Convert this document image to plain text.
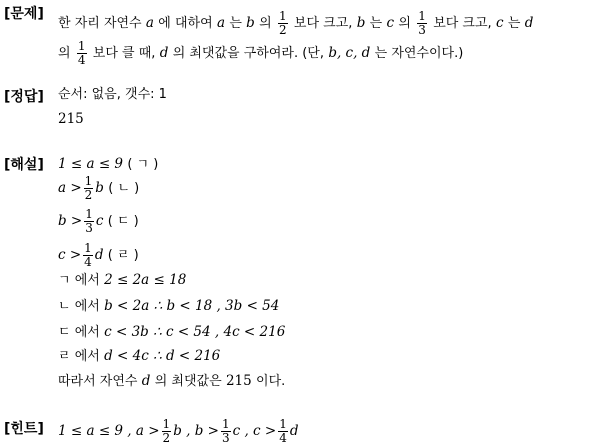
[문제]
한 자리 자연수 a 에 대하여 a 는 b 의 $\frac{1}{2}$ 보다 크고, b 는 c 의 $\frac{1}{3}$ 보다 크고, c 는 d
의 $\frac{1}{4}$ 보다 클 때, d 의 최댓값을 구하여라. (단, b, c, d 는 자연수이다.)
[정답] 순서: 없음, 갯수: 1
215
[해설] 1 ≤ a ≤ 9 ( ㄱ )
$a > \frac{1}{2}$ b ( ㄴ )
$b > \frac{1}{3}$ c ( ㄷ )
$c > \frac{1}{4}$ d ( ㄹ )
ㄱ 에서 2 ≤ 2a ≤ 18
ㄴ 에서 b < 2a ∴ b < 18 , 3b < 54
ㄷ 에서 c < 3b ∴ c < 54 , 4c < 216
ㄹ 에서 d < 4c ∴ d < 216
따라서 자연수 d 의 최댓값은 215 이다.
[힌트] 1 ≤ a ≤ 9 , $a > \frac{1}{2}$ b , $b > \frac{1}{3}$ c , $c > \frac{1}{4}$ d
